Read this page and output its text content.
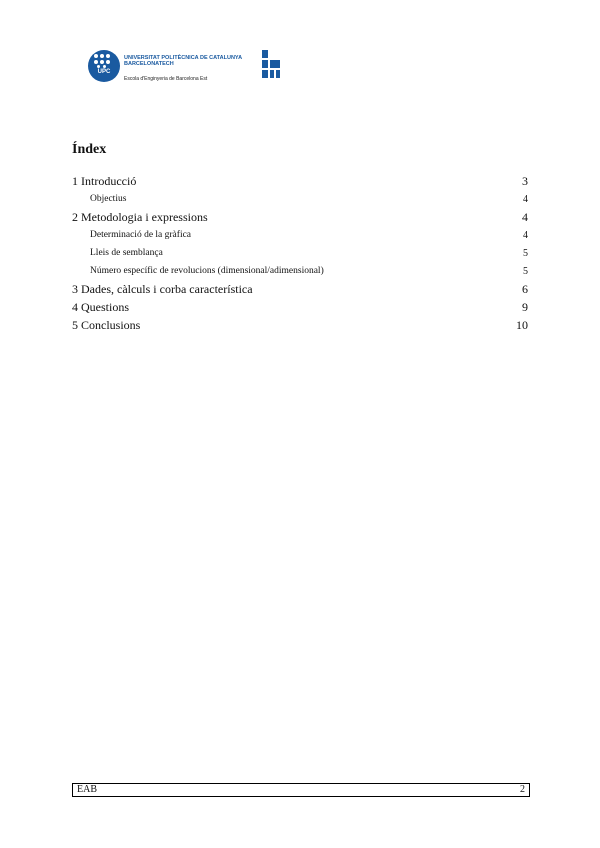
UPC
UNIVERSITAT POLITÈCNICA DE CATALUNYA
BARCELONATECH
Escola d'Enginyeria de Barcelona Est
Índex
1 Introducció	3
Objectius	4
2 Metodologia i expressions	4
Determinació de la gràfica	4
Lleis de semblança	5
Número específic de revolucions (dimensional/adimensional)	5
3 Dades, càlculs i corba característica	6
4 Questions	9
5 Conclusions	10
EAB	2
